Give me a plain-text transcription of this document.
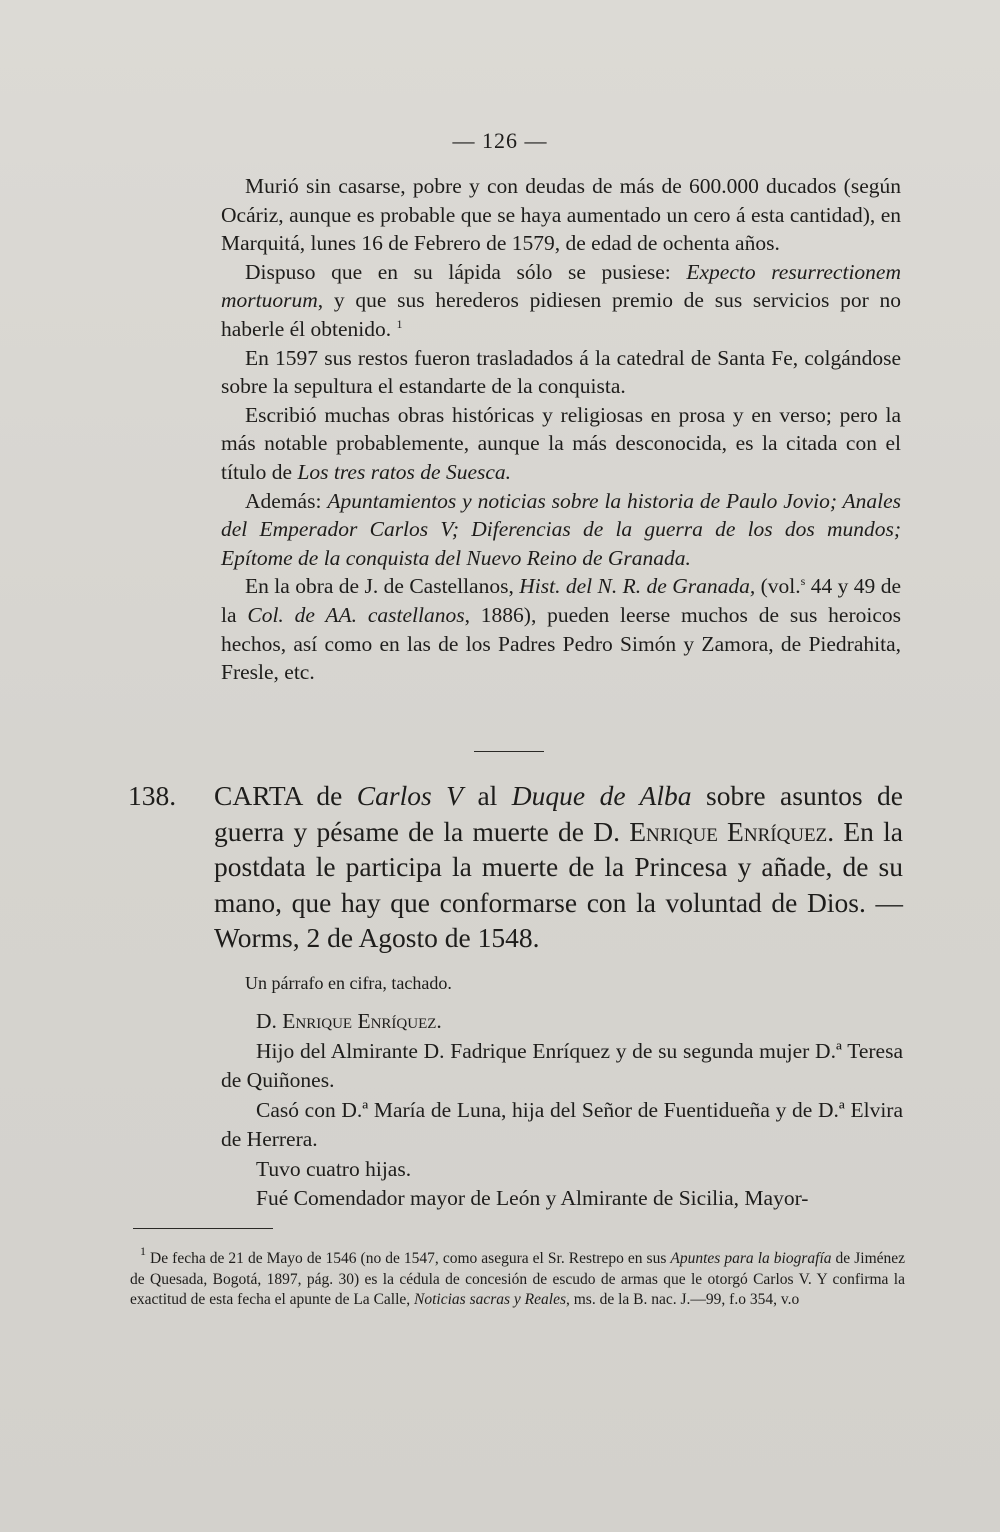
— 126 —

Murió sin casarse, pobre y con deudas de más de 600.000 ducados (según Ocáriz, aunque es probable que se haya aumentado un cero á esta cantidad), en Marquitá, lunes 16 de Febrero de 1579, de edad de ochenta años.

Dispuso que en su lápida sólo se pusiese: Expecto resurrectionem mortuorum, y que sus herederos pidiesen premio de sus servicios por no haberle él obtenido. $^1$

En 1597 sus restos fueron trasladados á la catedral de Santa Fe, colgándose sobre la sepultura el estandarte de la conquista.

Escribió muchas obras históricas y religiosas en prosa y en verso; pero la más notable probablemente, aunque la más desconocida, es la citada con el título de Los tres ratos de Suesca.

Además: Apuntamientos y noticias sobre la historia de Paulo Jovio; Anales del Emperador Carlos V; Diferencias de la guerra de los dos mundos; Epítome de la conquista del Nuevo Reino de Granada.

En la obra de J. de Castellanos, Hist. del N. R. de Granada, (vol.$^s$ 44 y 49 de la Col. de AA. castellanos, 1886), pueden leerse muchos de sus heroicos hechos, así como en las de los Padres Pedro Simón y Zamora, de Piedrahita, Fresle, etc.

138. CARTA de Carlos V al Duque de Alba sobre asuntos de guerra y pésame de la muerte de D. Enrique Enríquez. En la postdata le participa la muerte de la Princesa y añade, de su mano, que hay que conformarse con la voluntad de Dios. —Worms, 2 de Agosto de 1548.
Un párrafo en cifra, tachado.

D. Enrique Enríquez.

Hijo del Almirante D. Fadrique Enríquez y de su segunda mujer D.ª Teresa de Quiñones.

Casó con D.ª María de Luna, hija del Señor de Fuentidueña y de D.ª Elvira de Herrera.

Tuvo cuatro hijas.

Fué Comendador mayor de León y Almirante de Sicilia, Mayor-

$^1$ De fecha de 21 de Mayo de 1546 (no de 1547, como asegura el Sr. Restrepo en sus Apuntes para la biografía de Jiménez de Quesada, Bogotá, 1897, pág. 30) es la cédula de concesión de escudo de armas que le otorgó Carlos V. Y confirma la exactitud de esta fecha el apunte de La Calle, Noticias sacras y Reales, ms. de la B. nac. J.—99, f.o 354, v.o
